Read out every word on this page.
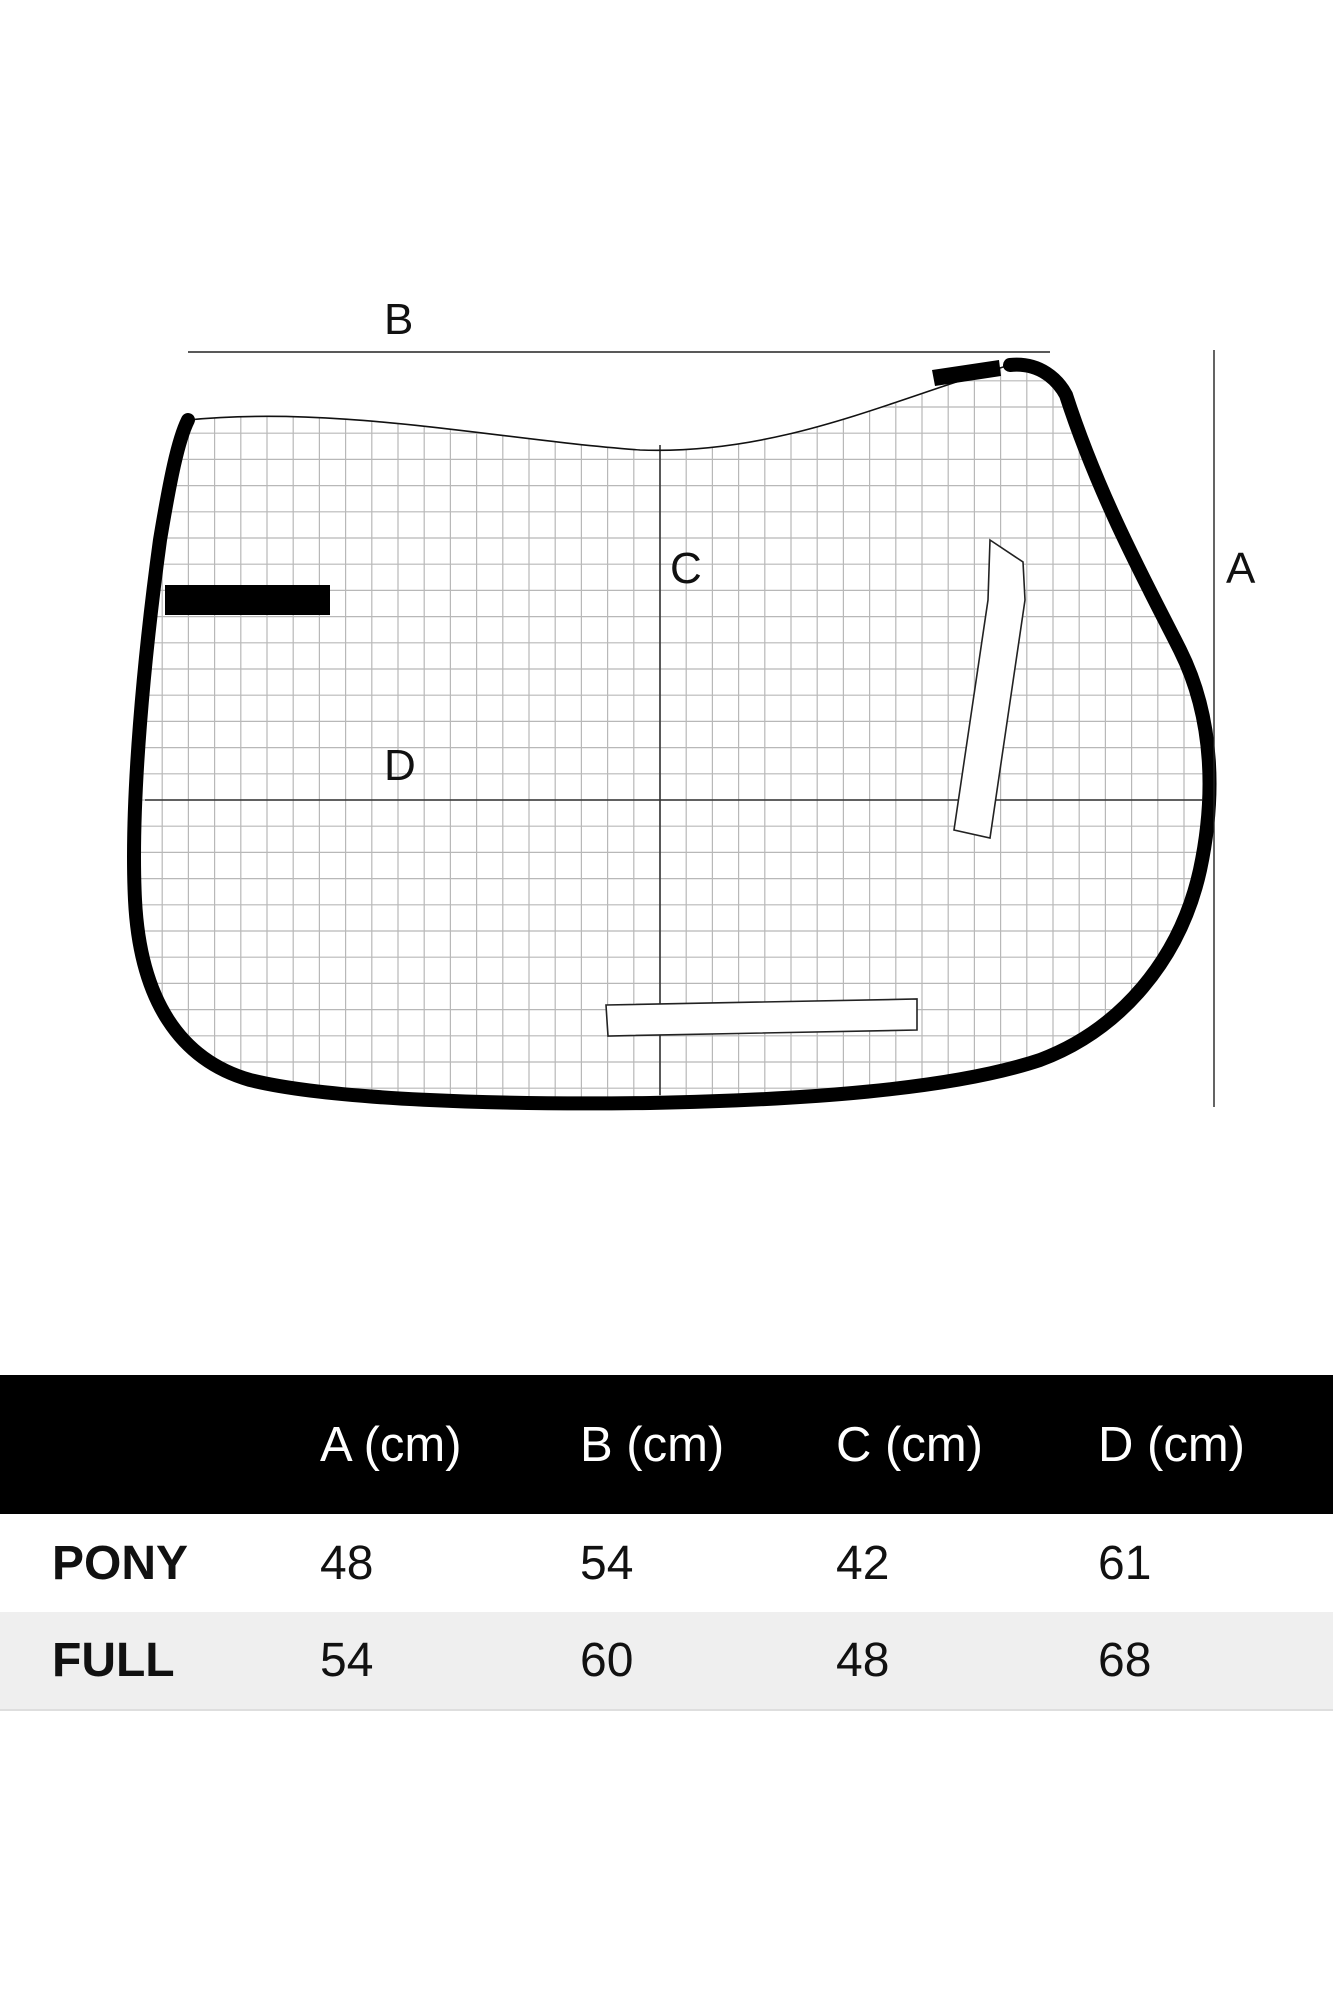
B
A
C
D
	A (cm)	B (cm)	C (cm)	D (cm)
PONY	48	54	42	61
FULL	54	60	48	68
